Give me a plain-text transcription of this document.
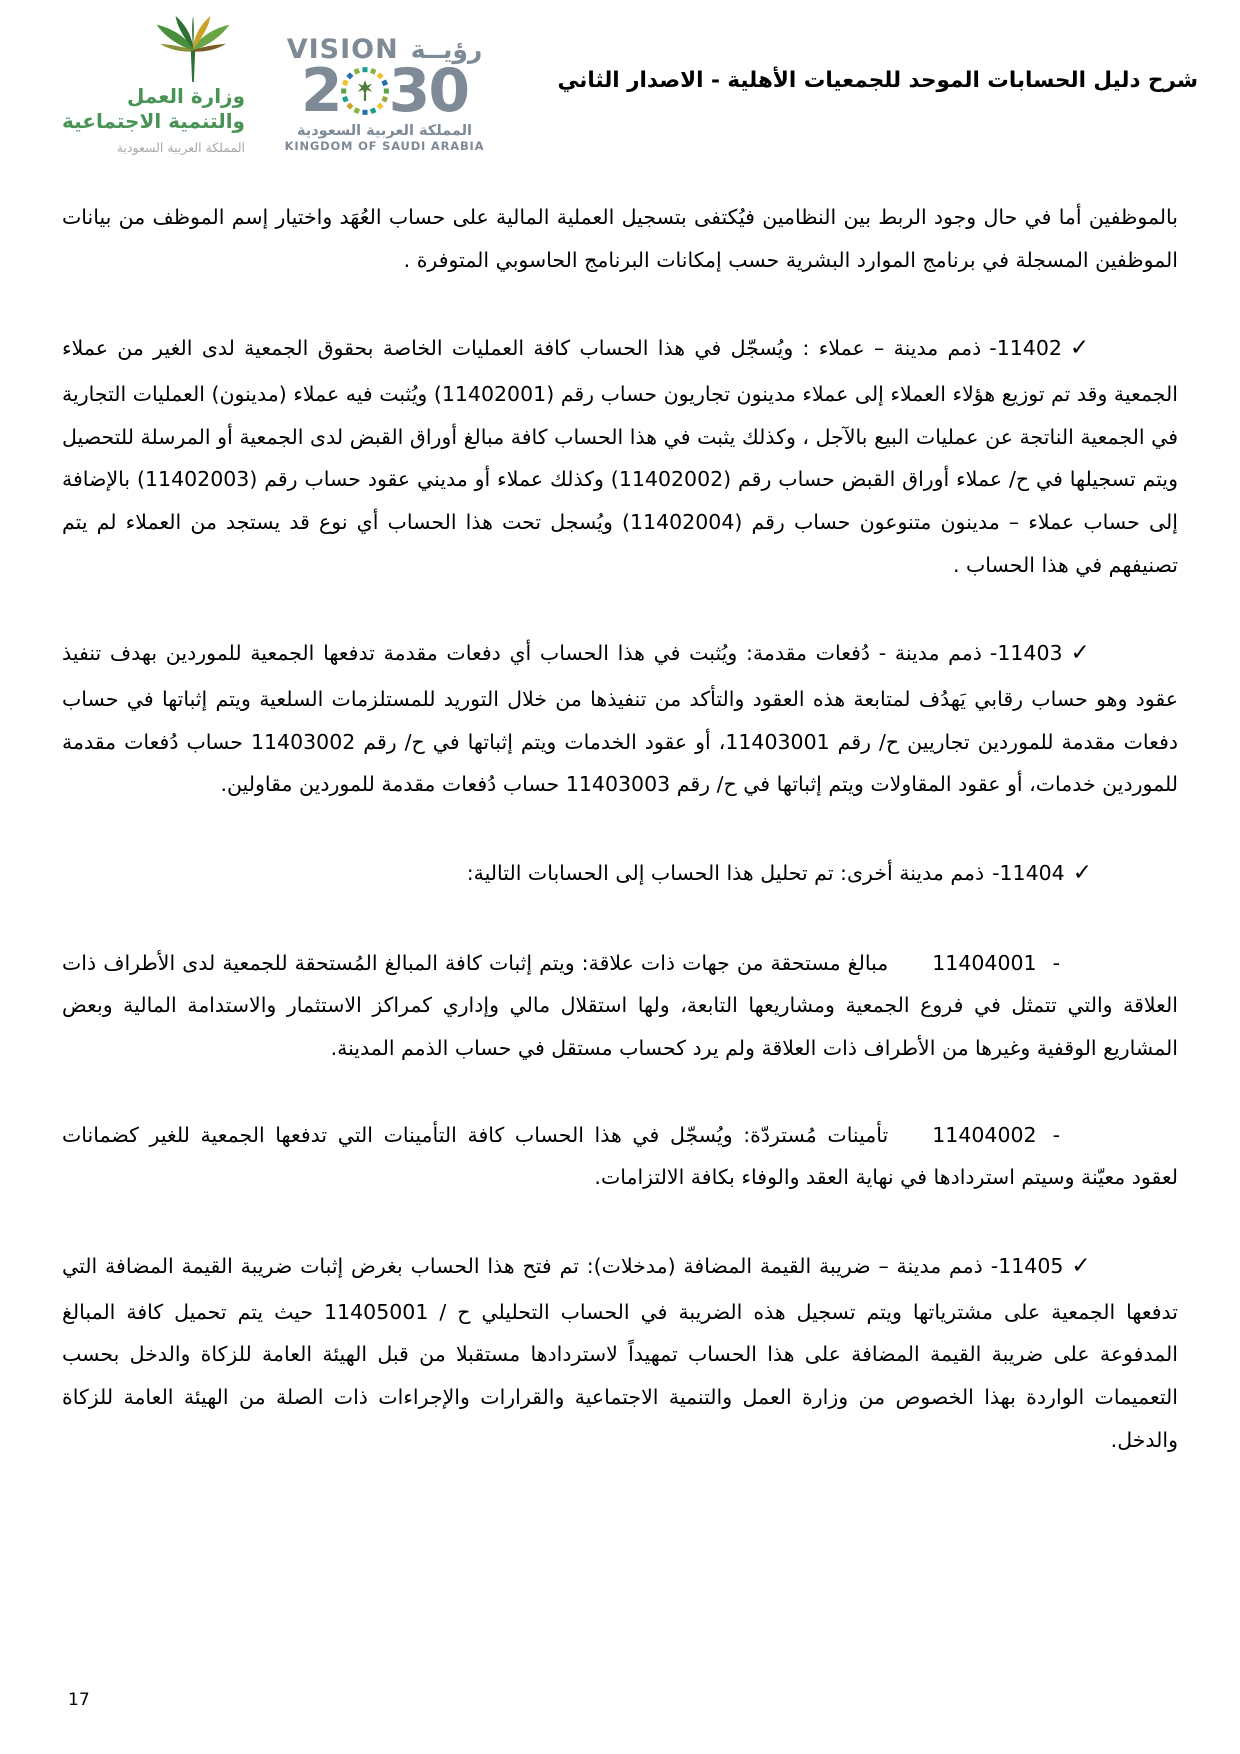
وزارة العمل
والتنمية الاجتماعية
المملكة العربية السعودية
VISION رؤيــة
2 30
المملكة العربية السعودية
KINGDOM OF SAUDI ARABIA
شرح دليل الحسابات الموحد للجمعيات الأهلية - الاصدار الثاني

بالموظفين أما في حال وجود الربط بين النظامين فيُكتفى بتسجيل العملية المالية على حساب العُهَد واختيار إسم الموظف من بيانات الموظفين المسجلة في برنامج الموارد البشرية حسب إمكانات البرنامج الحاسوبي المتوفرة .

✓11402-ذمم مدينة – عملاء : ويُسجّل في هذا الحساب كافة العمليات الخاصة بحقوق الجمعية لدى الغير من عملاء الجمعية وقد تم توزيع هؤلاء العملاء إلى عملاء مدينون تجاريون حساب رقم (11402001) ويُثبت فيه عملاء (مدينون) العمليات التجارية في الجمعية الناتجة عن عمليات البيع بالآجل ، وكذلك يثبت في هذا الحساب كافة مبالغ أوراق القبض لدى الجمعية أو المرسلة للتحصيل ويتم تسجيلها في ح/ عملاء أوراق القبض حساب رقم (11402002) وكذلك عملاء أو مديني عقود حساب رقم (11402003) بالإضافة إلى حساب عملاء – مدينون متنوعون حساب رقم (11402004) ويُسجل تحت هذا الحساب أي نوع قد يستجد من العملاء لم يتم تصنيفهم في هذا الحساب .

✓11403-ذمم مدينة - دُفعات مقدمة: ويُثبت في هذا الحساب أي دفعات مقدمة تدفعها الجمعية للموردين بهدف تنفيذ عقود وهو حساب رقابي يَهدُف لمتابعة هذه العقود والتأكد من تنفيذها من خلال التوريد للمستلزمات السلعية ويتم إثباتها في حساب دفعات مقدمة للموردين تجاريين ح/ رقم 11403001، أو عقود الخدمات ويتم إثباتها في ح/ رقم 11403002 حساب دُفعات مقدمة للموردين خدمات، أو عقود المقاولات ويتم إثباتها في ح/ رقم 11403003 حساب دُفعات مقدمة للموردين مقاولين.

✓11404-ذمم مدينة أخرى: تم تحليل هذا الحساب إلى الحسابات التالية:

-11404001مبالغ مستحقة من جهات ذات علاقة: ويتم إثبات كافة المبالغ المُستحقة للجمعية لدى الأطراف ذات العلاقة والتي تتمثل في فروع الجمعية ومشاريعها التابعة، ولها استقلال مالي وإداري كمراكز الاستثمار والاستدامة المالية وبعض المشاريع الوقفية وغيرها من الأطراف ذات العلاقة ولم يرد كحساب مستقل في حساب الذمم المدينة.

-11404002تأمينات مُستردّة: ويُسجّل في هذا الحساب كافة التأمينات التي تدفعها الجمعية للغير كضمانات لعقود معيّنة وسيتم استردادها في نهاية العقد والوفاء بكافة الالتزامات.

✓11405-ذمم مدينة – ضريبة القيمة المضافة (مدخلات): تم فتح هذا الحساب بغرض إثبات ضريبة القيمة المضافة التي تدفعها الجمعية على مشترياتها ويتم تسجيل هذه الضريبة في الحساب التحليلي ح / 11405001 حيث يتم تحميل كافة المبالغ المدفوعة على ضريبة القيمة المضافة على هذا الحساب تمهيداً لاستردادها مستقبلا من قبل الهيئة العامة للزكاة والدخل بحسب التعميمات الواردة بهذا الخصوص من وزارة العمل والتنمية الاجتماعية والقرارات والإجراءات ذات الصلة من الهيئة العامة للزكاة والدخل.

17
